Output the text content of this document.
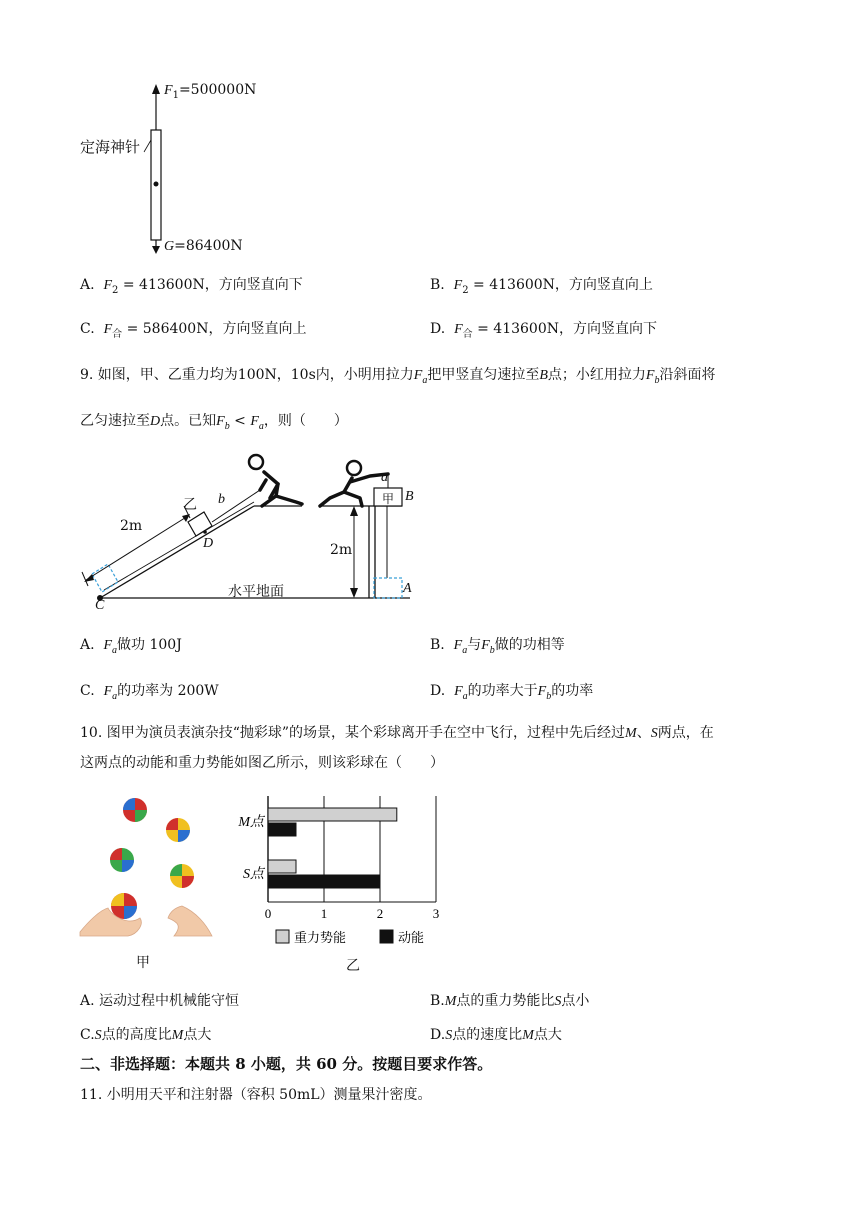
$F_1=500000N$
G=86400N
定海神针
A. $F_2 = 413600N$，方向竖直向下	B. $F_2 = 413600N$，方向竖直向上
C. $F_合 = 586400N$，方向竖直向上	D. $F_合 = 413600N$，方向竖直向下
9. 如图，甲、乙重力均为100N，10s内，小明用拉力$F_a$把甲竖直匀速拉至B点；小红用拉力$F_b$沿斜面将
乙匀速拉至D点。已知$F_b < F_a$，则（　　）
a
甲 B
乙 b
2m
D	2m
水平地面
C
A
A. $F_a$做功 100J	B. $F_a$与$F_b$做的功相等
C. $F_a$的功率为 200W	D. $F_a$的功率大于$F_b$的功率
10. 图甲为演员表演杂技“抛彩球”的场景，某个彩球离开手在空中飞行，过程中先后经过M、S两点，在
这两点的动能和重力势能如图乙所示，则该彩球在（　　）
甲
M点
S点
0	1	2	3
重力势能	动能
乙
A. 运动过程中机械能守恒	B.M点的重力势能比S点小
C.S点的高度比M点大	D.S点的速度比M点大
二、非选择题：本题共 8 小题，共 60 分。按题目要求作答。
11. 小明用天平和注射器（容积 50mL）测量果汁密度。
